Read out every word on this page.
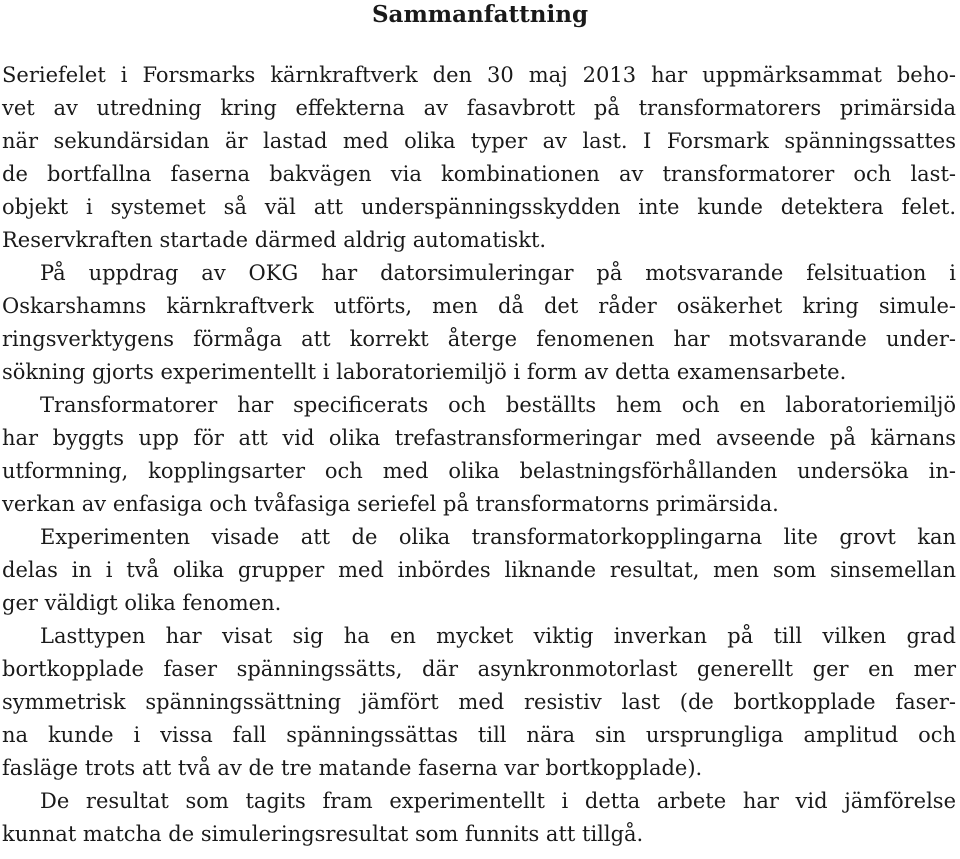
Sammanfattning
Seriefelet i Forsmarks kärnkraftverk den 30 maj 2013 har uppmärksammat beho-
vet av utredning kring effekterna av fasavbrott på transformatorers primärsida
när sekundärsidan är lastad med olika typer av last. I Forsmark spänningssattes
de bortfallna faserna bakvägen via kombinationen av transformatorer och last-
objekt i systemet så väl att underspänningsskydden inte kunde detektera felet.
Reservkraften startade därmed aldrig automatiskt.
På uppdrag av OKG har datorsimuleringar på motsvarande felsituation i
Oskarshamns kärnkraftverk utförts, men då det råder osäkerhet kring simule-
ringsverktygens förmåga att korrekt återge fenomenen har motsvarande under-
sökning gjorts experimentellt i laboratoriemiljö i form av detta examensarbete.
Transformatorer har specificerats och beställts hem och en laboratoriemiljö
har byggts upp för att vid olika trefastransformeringar med avseende på kärnans
utformning, kopplingsarter och med olika belastningsförhållanden undersöka in-
verkan av enfasiga och tvåfasiga seriefel på transformatorns primärsida.
Experimenten visade att de olika transformatorkopplingarna lite grovt kan
delas in i två olika grupper med inbördes liknande resultat, men som sinsemellan
ger väldigt olika fenomen.
Lasttypen har visat sig ha en mycket viktig inverkan på till vilken grad
bortkopplade faser spänningssätts, där asynkronmotorlast generellt ger en mer
symmetrisk spänningssättning jämfört med resistiv last (de bortkopplade faser-
na kunde i vissa fall spänningssättas till nära sin ursprungliga amplitud och
fasläge trots att två av de tre matande faserna var bortkopplade).
De resultat som tagits fram experimentellt i detta arbete har vid jämförelse
kunnat matcha de simuleringsresultat som funnits att tillgå.
